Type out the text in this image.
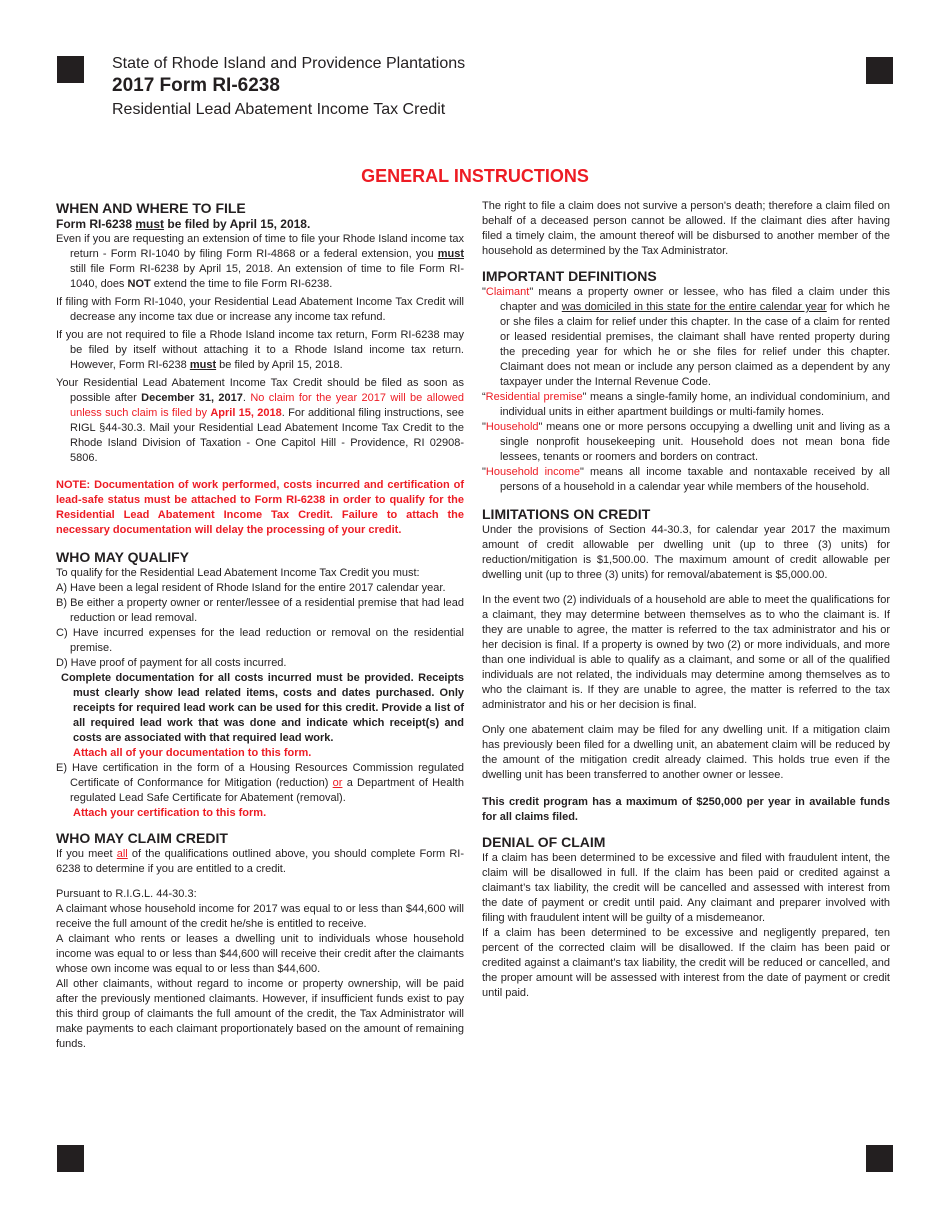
State of Rhode Island and Providence Plantations
2017 Form RI-6238
Residential Lead Abatement Income Tax Credit
GENERAL INSTRUCTIONS
WHEN AND WHERE TO FILE
Form RI-6238 must be filed by April 15, 2018.
Even if you are requesting an extension of time to file your Rhode Island income tax return - Form RI-1040 by filing Form RI-4868 or a federal extension, you must still file Form RI-6238 by April 15, 2018. An extension of time to file Form RI-1040, does NOT extend the time to file Form RI-6238.
If filing with Form RI-1040, your Residential Lead Abatement Income Tax Credit will decrease any income tax due or increase any income tax refund.
If you are not required to file a Rhode Island income tax return, Form RI-6238 may be filed by itself without attaching it to a Rhode Island income tax return. However, Form RI-6238 must be filed by April 15, 2018.
Your Residential Lead Abatement Income Tax Credit should be filed as soon as possible after December 31, 2017. No claim for the year 2017 will be allowed unless such claim is filed by April 15, 2018. For additional filing instructions, see RIGL §44-30.3. Mail your Residential Lead Abatement Income Tax Credit to the Rhode Island Division of Taxation - One Capitol Hill - Providence, RI 02908-5806.
NOTE: Documentation of work performed, costs incurred and certification of lead-safe status must be attached to Form RI-6238 in order to qualify for the Residential Lead Abatement Income Tax Credit. Failure to attach the necessary documentation will delay the processing of your credit.
WHO MAY QUALIFY
To qualify for the Residential Lead Abatement Income Tax Credit you must:
A) Have been a legal resident of Rhode Island for the entire 2017 calendar year.
B) Be either a property owner or renter/lessee of a residential premise that had lead reduction or lead removal.
C) Have incurred expenses for the lead reduction or removal on the residential premise.
D) Have proof of payment for all costs incurred.
Complete documentation for all costs incurred must be provided. Receipts must clearly show lead related items, costs and dates purchased. Only receipts for required lead work can be used for this credit. Provide a list of all required lead work that was done and indicate which receipt(s) and costs are associated with that required lead work.
Attach all of your documentation to this form.
E) Have certification in the form of a Housing Resources Commission regulated Certificate of Conformance for Mitigation (reduction) or a Department of Health regulated Lead Safe Certificate for Abatement (removal).
Attach your certification to this form.
WHO MAY CLAIM CREDIT
If you meet all of the qualifications outlined above, you should complete Form RI-6238 to determine if you are entitled to a credit.
Pursuant to R.I.G.L. 44-30.3:
A claimant whose household income for 2017 was equal to or less than $44,600 will receive the full amount of the credit he/she is entitled to receive.
A claimant who rents or leases a dwelling unit to individuals whose household income was equal to or less than $44,600 will receive their credit after the claimants whose own income was equal to or less than $44,600.
All other claimants, without regard to income or property ownership, will be paid after the previously mentioned claimants. However, if insufficient funds exist to pay this third group of claimants the full amount of the credit, the Tax Administrator will make payments to each claimant proportionately based on the amount of remaining funds.
The right to file a claim does not survive a person's death; therefore a claim filed on behalf of a deceased person cannot be allowed. If the claimant dies after having filed a timely claim, the amount thereof will be disbursed to another member of the household as determined by the Tax Administrator.
IMPORTANT DEFINITIONS
"Claimant" means a property owner or lessee, who has filed a claim under this chapter and was domiciled in this state for the entire calendar year for which he or she files a claim for relief under this chapter. In the case of a claim for rented or leased residential premises, the claimant shall have rented property during the preceding year for which he or she files for relief under this chapter. Claimant does not mean or include any person claimed as a dependent by any taxpayer under the Internal Revenue Code.
“Residential premise" means a single-family home, an individual condominium, and individual units in either apartment buildings or multi-family homes.
"Household" means one or more persons occupying a dwelling unit and living as a single nonprofit housekeeping unit. Household does not mean bona fide lessees, tenants or roomers and borders on contract.
"Household income" means all income taxable and nontaxable received by all persons of a household in a calendar year while members of the household.
LIMITATIONS ON CREDIT
Under the provisions of Section 44-30.3, for calendar year 2017 the maximum amount of credit allowable per dwelling unit (up to three (3) units) for reduction/mitigation is $1,500.00. The maximum amount of credit allowable per dwelling unit (up to three (3) units) for removal/abatement is $5,000.00.
In the event two (2) individuals of a household are able to meet the qualifications for a claimant, they may determine between themselves as to who the claimant is. If they are unable to agree, the matter is referred to the tax administrator and his or her decision is final. If a property is owned by two (2) or more individuals, and more than one individual is able to qualify as a claimant, and some or all of the qualified individuals are not related, the individuals may determine among themselves as to who the claimant is. If they are unable to agree, the matter is referred to the tax administrator and his or her decision is final.
Only one abatement claim may be filed for any dwelling unit. If a mitigation claim has previously been filed for a dwelling unit, an abatement claim will be reduced by the amount of the mitigation credit already claimed. This holds true even if the dwelling unit has been transferred to another owner or lessee.
This credit program has a maximum of $250,000 per year in available funds for all claims filed.
DENIAL OF CLAIM
If a claim has been determined to be excessive and filed with fraudulent intent, the claim will be disallowed in full. If the claim has been paid or credited against a claimant’s tax liability, the credit will be cancelled and assessed with interest from the date of payment or credit until paid. Any claimant and preparer involved with filing with fraudulent intent will be guilty of a misdemeanor.
If a claim has been determined to be excessive and negligently prepared, ten percent of the corrected claim will be disallowed. If the claim has been paid or credited against a claimant’s tax liability, the credit will be reduced or cancelled, and the proper amount will be assessed with interest from the date of payment or credit until paid.
